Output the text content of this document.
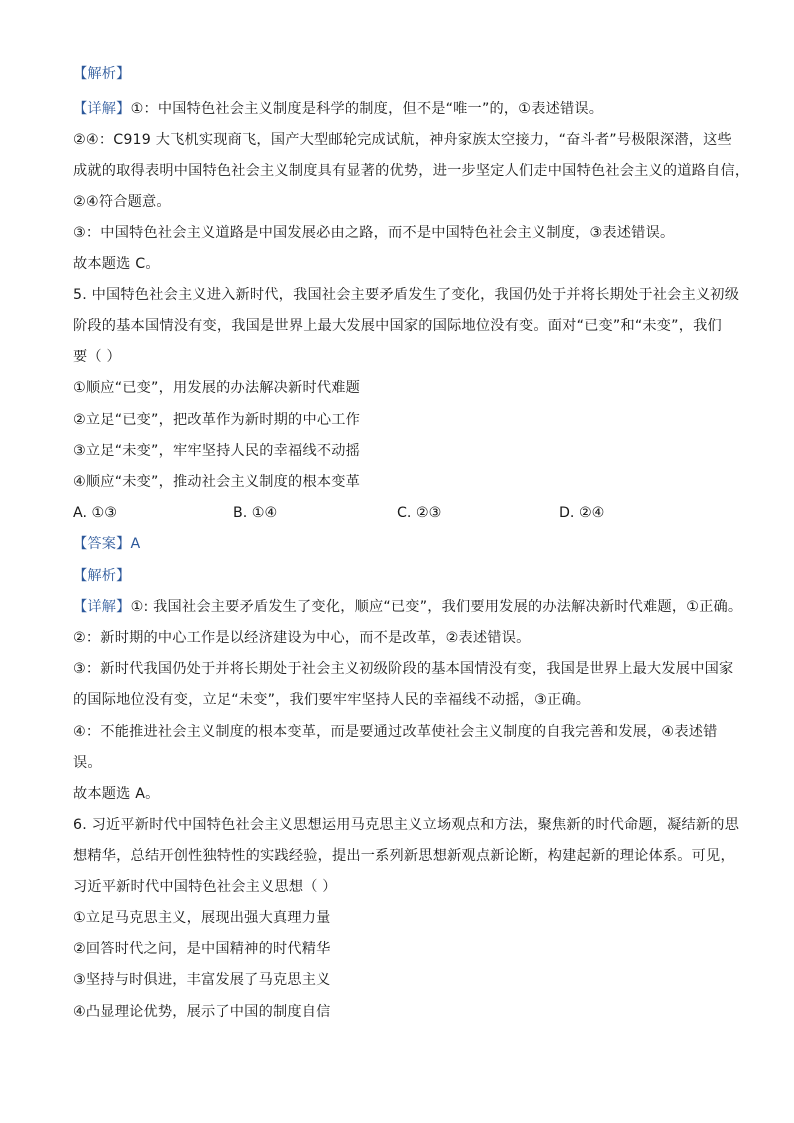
【解析】
【详解】①：中国特色社会主义制度是科学的制度，但不是“唯一”的，①表述错误。
②④：C919 大飞机实现商飞，国产大型邮轮完成试航，神舟家族太空接力，“奋斗者”号极限深潜，这些
成就的取得表明中国特色社会主义制度具有显著的优势，进一步坚定人们走中国特色社会主义的道路自信，
②④符合题意。
③：中国特色社会主义道路是中国发展必由之路，而不是中国特色社会主义制度，③表述错误。
故本题选 C。
5. 中国特色社会主义进入新时代，我国社会主要矛盾发生了变化，我国仍处于并将长期处于社会主义初级
阶段的基本国情没有变，我国是世界上最大发展中国家的国际地位没有变。面对“已变”和“未变”，我们
要（ ）
①顺应“已变”，用发展的办法解决新时代难题
②立足“已变”，把改革作为新时期的中心工作
③立足“未变”，牢牢坚持人民的幸福线不动摇
④顺应“未变”，推动社会主义制度的根本变革
A. ①③	B. ①④	C. ②③	D. ②④
【答案】A
【解析】
【详解】①: 我国社会主要矛盾发生了变化，顺应“已变”，我们要用发展的办法解决新时代难题，①正确。
②：新时期的中心工作是以经济建设为中心，而不是改革，②表述错误。
③：新时代我国仍处于并将长期处于社会主义初级阶段的基本国情没有变，我国是世界上最大发展中国家
的国际地位没有变，立足“未变”，我们要牢牢坚持人民的幸福线不动摇，③正确。
④：不能推进社会主义制度的根本变革，而是要通过改革使社会主义制度的自我完善和发展，④表述错
误。
故本题选 A。
6. 习近平新时代中国特色社会主义思想运用马克思主义立场观点和方法，聚焦新的时代命题，凝结新的思
想精华，总结开创性独特性的实践经验，提出一系列新思想新观点新论断，构建起新的理论体系。可见，
习近平新时代中国特色社会主义思想（ ）
①立足马克思主义，展现出强大真理力量
②回答时代之问，是中国精神的时代精华
③坚持与时俱进，丰富发展了马克思主义
④凸显理论优势，展示了中国的制度自信
